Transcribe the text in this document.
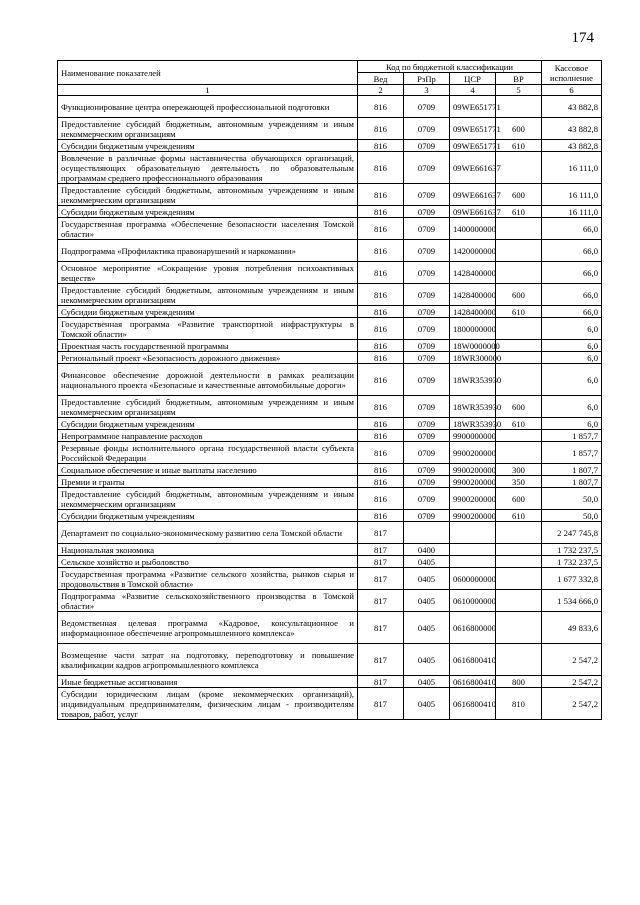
174
Наименование показателей	Код по бюджетной классификации				Кассовое исполнение
	Вед	РзПр	ЦСР	ВР	
1	2	3	4	5	6
Функционирование центра опережающей профессиональной подготовки	816	0709	09WE651771		43 882,8
Предоставление субсидий бюджетным, автономным учреждениям и иным некоммерческим организациям	816	0709	09WE651771	600	43 882,8
Субсидии бюджетным учреждениям	816	0709	09WE651771	610	43 882,8
Вовлечение в различные формы наставничества обучающихся организаций, осуществляющих образовательную деятельность по образовательным программам среднего профессионального образования	816	0709	09WE661637		16 111,0
Предоставление субсидий бюджетным, автономным учреждениям и иным некоммерческим организациям	816	0709	09WE661637	600	16 111,0
Субсидии бюджетным учреждениям	816	0709	09WE661637	610	16 111,0
Государственная программа «Обеспечение безопасности населения Томской области»	816	0709	1400000000		66,0
Подпрограмма «Профилактика правонарушений и наркомании»	816	0709	1420000000		66,0
Основное мероприятие «Сокращение уровня потребления психоактивных веществ»	816	0709	1428400000		66,0
Предоставление субсидий бюджетным, автономным учреждениям и иным некоммерческим организациям	816	0709	1428400000	600	66,0
Субсидии бюджетным учреждениям	816	0709	1428400000	610	66,0
Государственная программа «Развитие транспортной инфраструктуры в Томской области»	816	0709	1800000000		6,0
Проектная часть государственной программы	816	0709	18W0000000		6,0
Региональный проект «Безопасность дорожного движения»	816	0709	18WR300000		6,0
Финансовое обеспечение дорожной деятельности в рамках реализации национального проекта «Безопасные и качественные автомобильные дороги»	816	0709	18WR353930		6,0
Предоставление субсидий бюджетным, автономным учреждениям и иным некоммерческим организациям	816	0709	18WR353930	600	6,0
Субсидии бюджетным учреждениям	816	0709	18WR353930	610	6,0
Непрограммное направление расходов	816	0709	9900000000		1 857,7
Резервные фонды исполнительного органа государственной власти субъекта Российской Федерации	816	0709	9900200000		1 857,7
Социальное обеспечение и иные выплаты населению	816	0709	9900200000	300	1 807,7
Премии и гранты	816	0709	9900200000	350	1 807,7
Предоставление субсидий бюджетным, автономным учреждениям и иным некоммерческим организациям	816	0709	9900200000	600	50,0
Субсидии бюджетным учреждениям	816	0709	9900200000	610	50,0
Департамент по социально-экономическому развитию села Томской области	817				2 247 745,8
Национальная экономика	817	0400			1 732 237,5
Сельское хозяйство и рыболовство	817	0405			1 732 237,5
Государственная программа «Развитие сельского хозяйства, рынков сырья и продовольствия в Томской области»	817	0405	0600000000		1 677 332,8
Подпрограмма «Развитие сельскохозяйственного производства в Томской области»	817	0405	0610000000		1 534 666,0
Ведомственная целевая программа «Кадровое, консультационное и информационное обеспечение агропромышленного комплекса»	817	0405	0616800000		49 833,6
Возмещение части затрат на подготовку, переподготовку и повышение квалификации кадров агропромышленного комплекса	817	0405	0616800410		2 547,2
Иные бюджетные ассигнования	817	0405	0616800410	800	2 547,2
Субсидии юридическим лицам (кроме некоммерческих организаций), индивидуальным предпринимателям, физическим лицам - производителям товаров, работ, услуг	817	0405	0616800410	810	2 547,2
